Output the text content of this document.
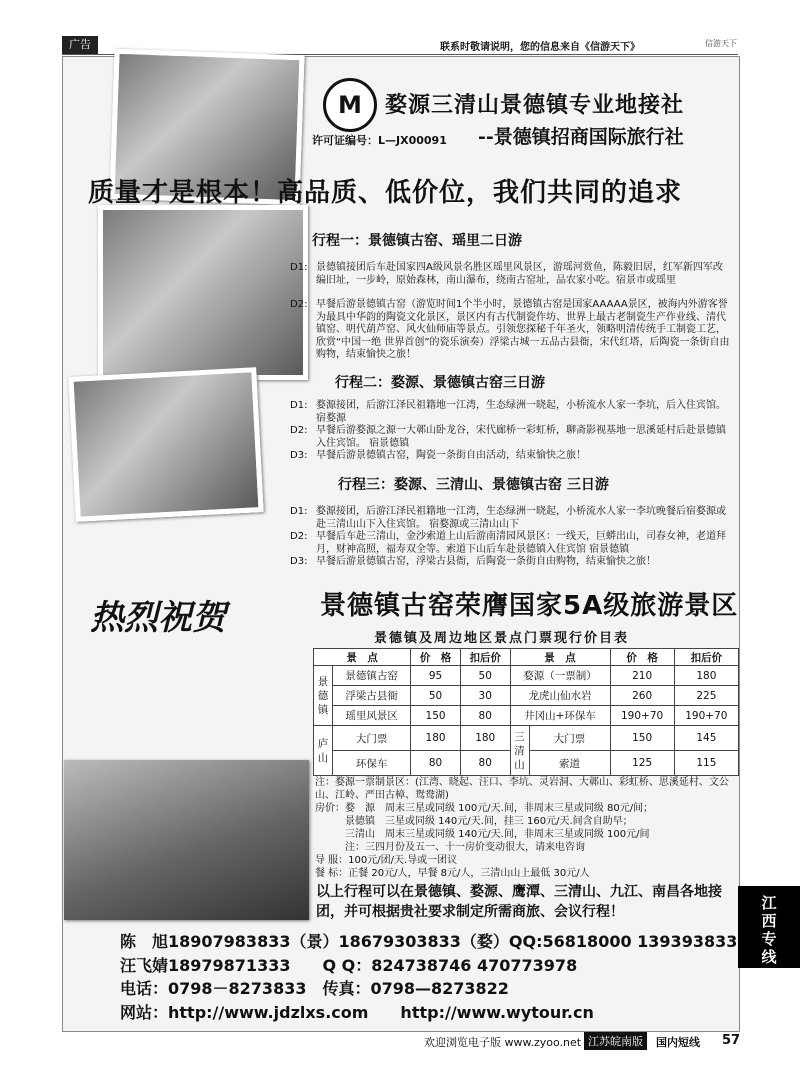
广告	联系时敬请说明，您的信息来自《信游天下》	信游天下
M	婺源三清山景德镇专业地接社
--景德镇招商国际旅行社
许可证编号：L—JX00091
质量才是根本！高品质、低价位，我们共同的追求
行程一：景德镇古窑、瑶里二日游
D1: 景德镇接团后车赴国家四A级风景名胜区瑶里风景区，游瑶河赏鱼，陈毅旧居，红军新四军改编旧址，一步岭，原始森林，南山瀑布，绕南古窑址，品农家小吃。宿景市或瑶里
D2: 早餐后游景德镇古窑（游览时间1个半小时，景德镇古窑是国家AAAAA景区，被海内外游客誉为最具中华韵的陶瓷文化景区，景区内有古代制瓷作坊、世界上最古老制瓷生产作业线、清代镇窑、明代葫芦窑、风火仙师庙等景点。引领您探秘千年圣火，领略明清传统手工制瓷工艺，欣赏“中国一绝 世界首创”的瓷乐演奏）浮梁古城一五品古县衙，宋代红塔，后陶瓷一条街自由购物，结束愉快之旅！
行程二：婺源、景德镇古窑三日游
D1: 婺源接团，后游江泽民祖籍地一江湾，生态绿洲一晓起，小桥流水人家一李坑，后入住宾馆。 宿婺源
D2: 早餐后游婺源之源一大鄣山卧龙谷，宋代廊桥一彩虹桥，聊斋影视基地一思溪延村后赴景德镇入住宾馆。 宿景德镇
D3: 早餐后游景德镇古窑，陶瓷一条街自由活动，结束愉快之旅！
行程三：婺源、三清山、景德镇古窑 三日游
D1: 婺源接团，后游江泽民祖籍地一江湾，生态绿洲一晓起，小桥流水人家一李坑晚餐后宿婺源或赴三清山山下入住宾馆。 宿婺源或三清山山下
D2: 早餐后车赴三清山，金沙索道上山后游南清园风景区：一线天，巨蟒出山，司春女神，老道拜月，财神高照，福寿双全等。索道下山后车赴景德镇入住宾馆 宿景德镇
D3: 早餐后游景德镇古窑，浮梁古县衙，后陶瓷一条街自由购物，结束愉快之旅！
热烈祝贺	景德镇古窑荣膺国家5A级旅游景区
景德镇及周边地区景点门票现行价目表
景　点		价　格	扣后价	景　点		价　格	扣后价
景德镇	景德镇古窑	95	50	婺源（一票制）		210	180
	浮梁古县衙	50	30	龙虎山仙水岩		260	225
	瑶里风景区	150	80	井冈山+环保车		190+70	190+70
庐山	大门票	180	180	三清山	大门票	150	145
	环保车	80	80		索道	125	115
注：婺源一票制景区：(江湾、晓起、汪口、李坑、灵岩洞、大鄣山、彩虹桥、思溪延村、文公山、江岭、严田古樟、鸳鸯湖)
房价：婺　源　周末三星或同级 100元/天.间，非周末三星或同级 80元/间；
　　　景德镇　三星或同级 140元/天.间，挂三 160元/天.间含自助早；
　　　三清山　周末三星或同级 140元/天.间，非周末三星或同级 100元/间
　　　注：三四月份及五一、十一房价变动很大，请来电咨询
导 服：100元/团/天.导或一团议
餐 标：正餐 20元/人，早餐 8元/人，三清山山上最低 30元/人
以上行程可以在景德镇、婺源、鹰潭、三清山、九江、南昌各地接团，并可根据贵社要求制定所需商旅、会议行程！
陈　旭18907983833（景）18679303833（婺）QQ:56818000 139393833
汪飞婧18979871333　　Q Q：824738746 470773978
电话：0798－8273833　传真：0798—8273822
网站：http://www.jdzlxs.com　　http://www.wytour.cn
江西专线
欢迎浏览电子版 www.zyoo.net 江苏皖南版	国内短线 57
